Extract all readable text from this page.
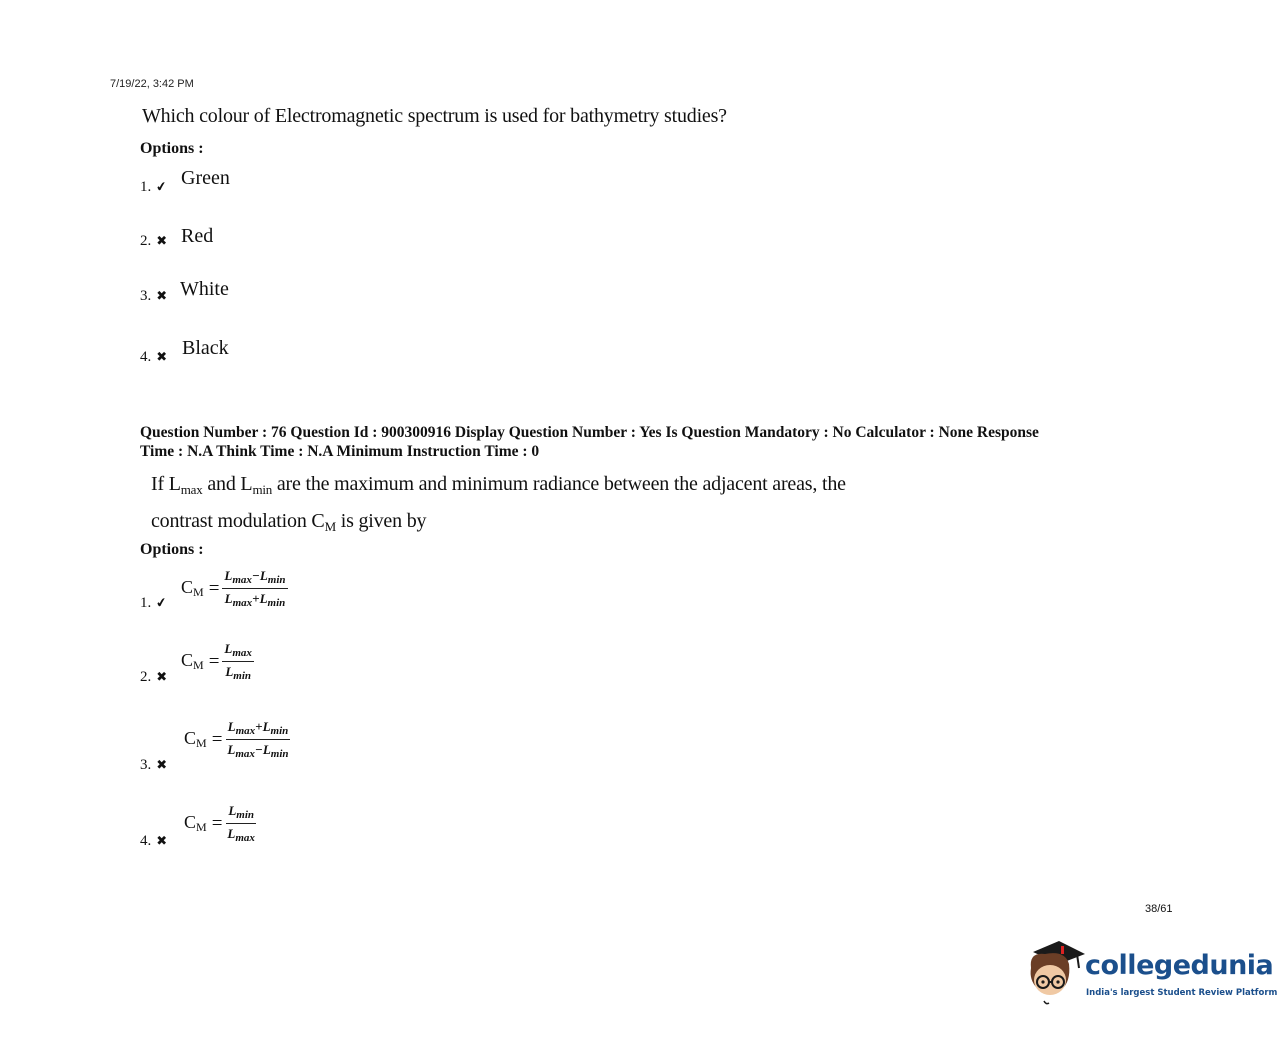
7/19/22, 3:42 PM
Which colour of Electromagnetic spectrum is used for bathymetry studies?
Options :
1. ✔ Green
2. ✖ Red
3. ✖ White
4. ✖ Black
Question Number : 76 Question Id : 900300916 Display Question Number : Yes Is Question Mandatory : No Calculator : None Response
Time : N.A Think Time : N.A Minimum Instruction Time : 0
If $L_{max}$ and $L_{min}$ are the maximum and minimum radiance between the adjacent areas, the
contrast modulation $C_M$ is given by
Options :
1. ✔
$C_M = \frac{L_{max}-L_{min}}{L_{max}+L_{min}}$
2. ✖
$C_M = \frac{L_{max}}{L_{min}}$
3. ✖
$C_M = \frac{L_{max}+L_{min}}{L_{max}-L_{min}}$
4. ✖
$C_M = \frac{L_{min}}{L_{max}}$
38/61
collegedunia
India's largest Student Review Platform
